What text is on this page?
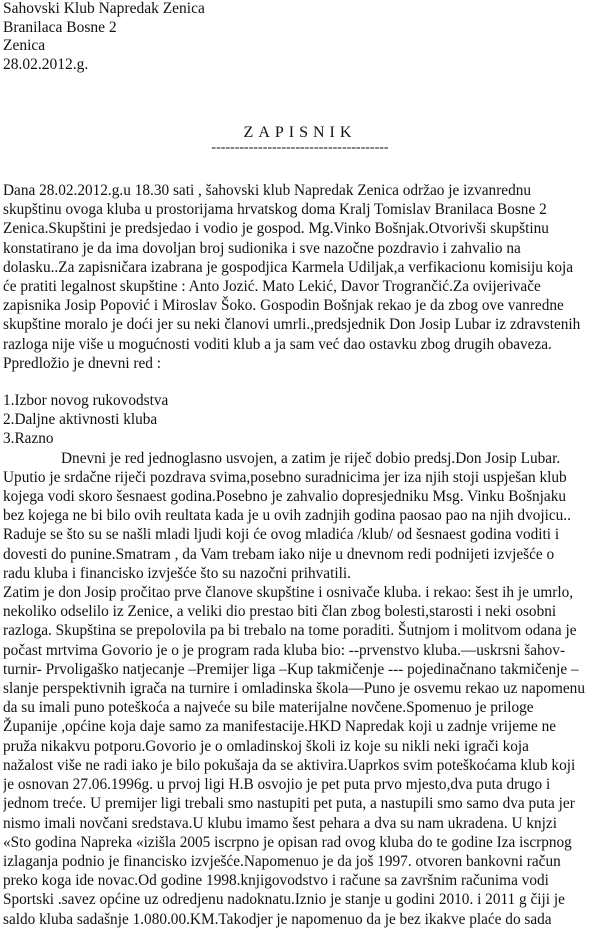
Sahovski Klub Napredak Zenica
Branilaca Bosne 2
Zenica
28.02.2012.g.
ZAPISNIK
--------------------------------------
Dana 28.02.2012.g.u 18.30 sati , šahovski klub Napredak Zenica održao je izvanrednu
skupštinu ovoga kluba u prostorijama hrvatskog doma Kralj Tomislav Branilaca Bosne 2
Zenica.Skupštini je predsjedao i vodio je gospod. Mg.Vinko Bošnjak.Otvorivši skupštinu
konstatirano je da ima dovoljan broj sudionika i sve nazočne pozdravio i zahvalio na
dolasku..Za zapisničara izabrana je gospodjica Karmela Udiljak,a verfikacionu komisiju koja
će pratiti legalnost skupštine : Anto Jozić. Mato Lekić, Davor Trogrančić.Za ovijerivače
zapisnika Josip Popović i Miroslav Šoko. Gospodin Bošnjak rekao je da zbog ove vanredne
skupštine moralo je doći jer su neki članovi umrli.,predsjednik Don Josip Lubar iz zdravstenih
razloga nije više u mogućnosti voditi klub a ja sam već dao ostavku zbog drugih obaveza.
Ppredložio je dnevni red :
1.Izbor novog rukovodstva
2.Daljne aktivnosti kluba
3.Razno
Dnevni je red jednoglasno usvojen, a zatim je riječ dobio predsj.Don Josip Lubar.
Uputio je srdačne riječi pozdrava svima,posebno suradnicima jer iza njih stoji uspješan klub
kojega vodi skoro šesnaest godina.Posebno je zahvalio dopresjedniku Msg. Vinku Bošnjaku
bez kojega ne bi bilo ovih reultata kada je u ovih zadnjih godina paosao pao na njih dvojicu..
Raduje se što su se našli mladi ljudi koji će ovog mladića /klub/ od šesnaest godina voditi i
dovesti do punine.Smatram , da Vam trebam iako nije u dnevnom redi podnijeti izvješće o
radu kluba i financisko izvješće što su nazočni prihvatili.
Zatim je don Josip pročitao prve članove skupštine i osnivače kluba. i rekao: šest ih je umrlo,
nekoliko odselilo iz Zenice, a veliki dio prestao biti član zbog bolesti,starosti i neki osobni
razloga. Skupština se prepolovila pa bi trebalo na tome poraditi. Šutnjom i molitvom odana je
počast mrtvima Govorio je o je program rada kluba bio: --prvenstvo kluba.—uskrsni šahov-
turnir- Prvoligaško natjecanje –Premijer liga –Kup takmičenje --- pojedinačnano takmičenje –
slanje perspektivnih igrača na turnire i omladinska škola—Puno je osvemu rekao uz napomenu
da su imali puno poteškoća a najveće su bile materijalne novčene.Spomenuo je priloge
Županije ,općine koja daje samo za manifestacije.HKD Napredak koji u zadnje vrijeme ne
pruža nikakvu potporu.Govorio je o omladinskoj školi iz koje su nikli neki igrači koja
nažalost više ne radi iako je bilo pokušaja da se aktivira.Uaprkos svim poteškoćama klub koji
je osnovan 27.06.1996g. u prvoj ligi H.B osvojio je pet puta prvo mjesto,dva puta drugo i
jednom treće. U premijer ligi trebali smo nastupiti pet puta, a nastupili smo samo dva puta jer
nismo imali novčani sredstava.U klubu imamo šest pehara a dva su nam ukradena. U knjzi
«Sto godina Napreka «izišla 2005 iscrpno je opisan rad ovog kluba do te godine Iza iscrpnog
izlaganja podnio je financisko izvješće.Napomenuo je da još 1997. otvoren bankovni račun
preko koga ide novac.Od godine 1998.knjigovodstvo i račune sa završnim računima vodi
Sportski .savez općine uz odredjenu nadoknatu.Iznio je stanje u godini 2010. i 2011 g čiji je
saldo kluba sadašnje 1.080.00.KM.Takodjer je napomenuo da je bez ikakve plaće do sada
